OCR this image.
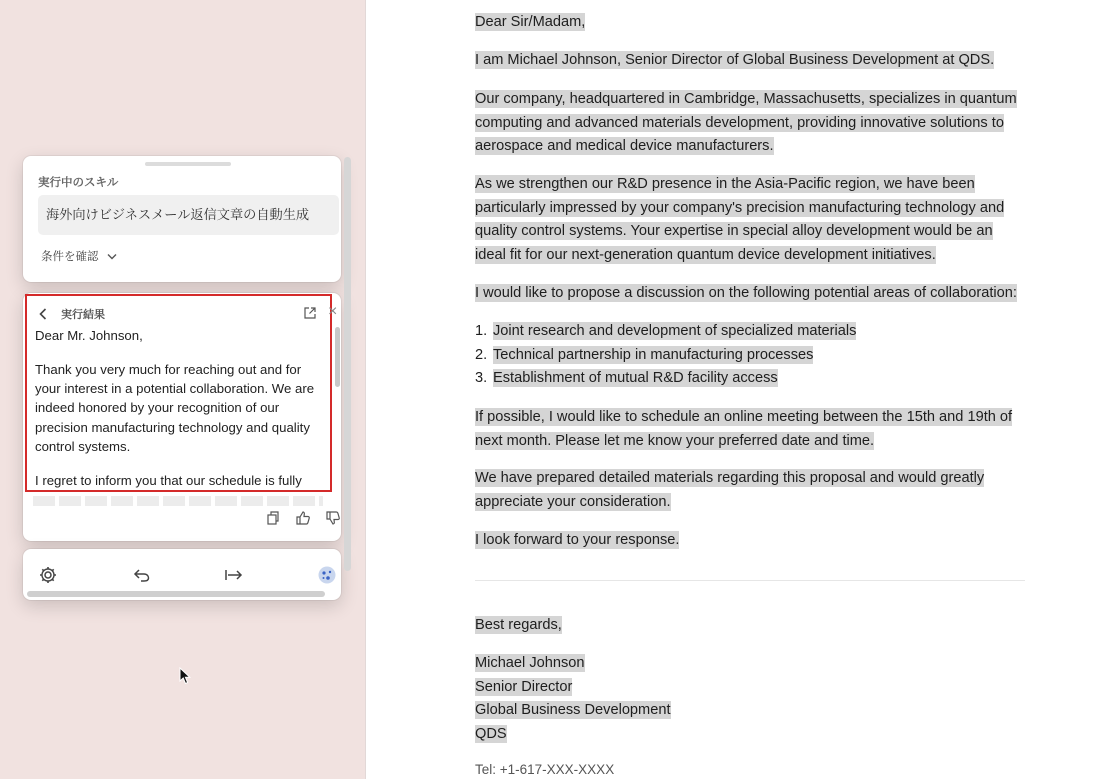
Dear Sir/Madam,
I am Michael Johnson, Senior Director of Global Business Development at QDS.
Our company, headquartered in Cambridge, Massachusetts, specializes in quantum
computing and advanced materials development, providing innovative solutions to
aerospace and medical device manufacturers.
As we strengthen our R&D presence in the Asia-Pacific region, we have been
particularly impressed by your company's precision manufacturing technology and
quality control systems. Your expertise in special alloy development would be an
ideal fit for our next-generation quantum device development initiatives.
I would like to propose a discussion on the following potential areas of collaboration:
1. Joint research and development of specialized materials
2. Technical partnership in manufacturing processes
3. Establishment of mutual R&D facility access
If possible, I would like to schedule an online meeting between the 15th and 19th of
next month. Please let me know your preferred date and time.
We have prepared detailed materials regarding this proposal and would greatly
appreciate your consideration.
I look forward to your response.
Best regards,
Michael Johnson
Senior Director
Global Business Development
QDS
Tel: +1-617-XXX-XXXX
実行中のスキル
海外向けビジネスメール返信文章の自動生成
条件を確認
実行結果	×

Dear Mr. Johnson,

Thank you very much for reaching out and for your interest in a potential collaboration. We are indeed honored by your recognition of our precision manufacturing technology and quality control systems.

I regret to inform you that our schedule is fully
